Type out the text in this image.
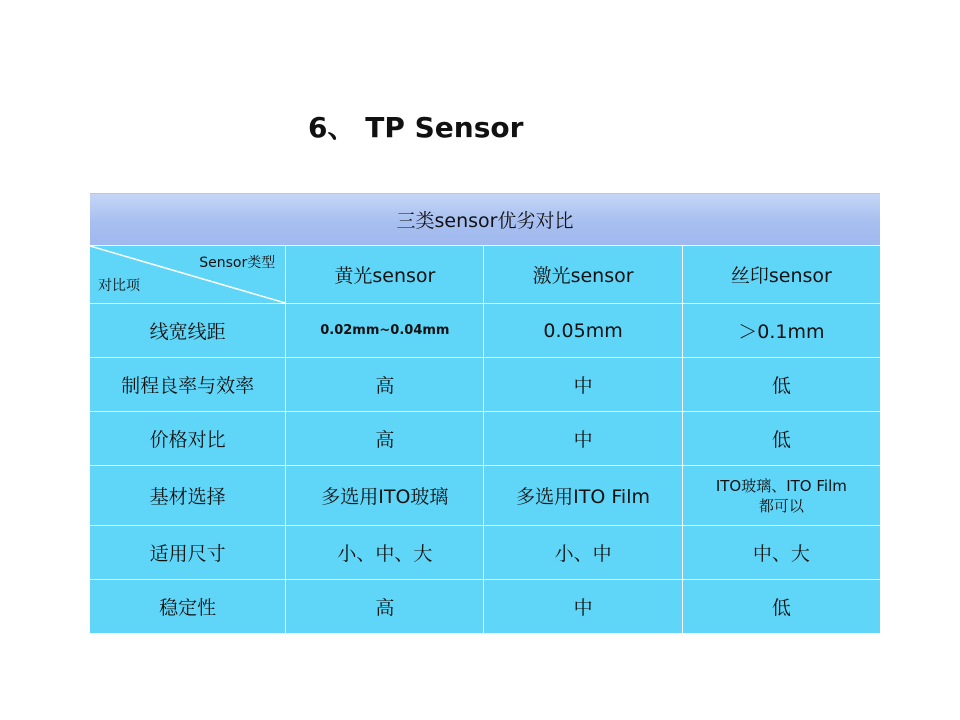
6、 TP Sensor
三类sensor优劣对比			

Sensor类型
对比项	黄光sensor	激光sensor	丝印sensor
线宽线距	0.02mm~0.04mm	0.05mm	＞0.1mm
制程良率与效率	高	中	低
价格对比	高	中	低
基材选择	多选用ITO玻璃	多选用ITO Film	ITO玻璃、ITO Film
都可以
适用尺寸	小、中、大	小、中	中、大
稳定性	高	中	低
